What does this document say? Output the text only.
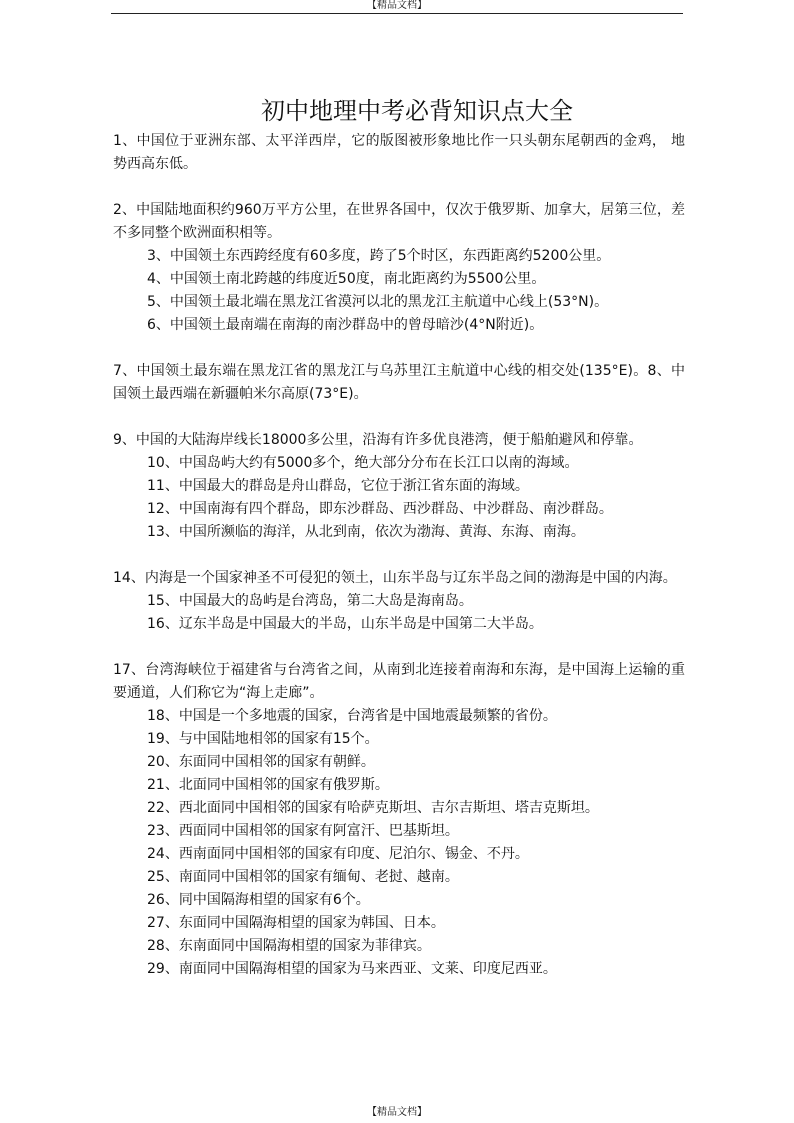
【精品文档】
初中地理中考必背知识点大全

1、中国位于亚洲东部、太平洋西岸，它的版图被形象地比作一只头朝东尾朝西的金鸡， 地势西高东低。

2、中国陆地面积约960万平方公里，在世界各国中，仅次于俄罗斯、加拿大，居第三位，差不多同整个欧洲面积相等。

3、中国领土东西跨经度有60多度，跨了5个时区，东西距离约5200公里。

4、中国领土南北跨越的纬度近50度，南北距离约为5500公里。

5、中国领土最北端在黑龙江省漠河以北的黑龙江主航道中心线上(53°N)。

6、中国领土最南端在南海的南沙群岛中的曾母暗沙(4°N附近)。

7、中国领土最东端在黑龙江省的黑龙江与乌苏里江主航道中心线的相交处(135°E)。8、中国领土最西端在新疆帕米尔高原(73°E)。

9、中国的大陆海岸线长18000多公里，沿海有许多优良港湾，便于船舶避风和停靠。

10、中国岛屿大约有5000多个，绝大部分分布在长江口以南的海域。

11、中国最大的群岛是舟山群岛，它位于浙江省东面的海域。

12、中国南海有四个群岛，即东沙群岛、西沙群岛、中沙群岛、南沙群岛。

13、中国所濒临的海洋，从北到南，依次为渤海、黄海、东海、南海。

14、内海是一个国家神圣不可侵犯的领土，山东半岛与辽东半岛之间的渤海是中国的内海。

15、中国最大的岛屿是台湾岛，第二大岛是海南岛。

16、辽东半岛是中国最大的半岛，山东半岛是中国第二大半岛。

17、台湾海峡位于福建省与台湾省之间，从南到北连接着南海和东海，是中国海上运输的重要通道，人们称它为“海上走廊”。

18、中国是一个多地震的国家，台湾省是中国地震最频繁的省份。

19、与中国陆地相邻的国家有15个。

20、东面同中国相邻的国家有朝鲜。

21、北面同中国相邻的国家有俄罗斯。

22、西北面同中国相邻的国家有哈萨克斯坦、吉尔吉斯坦、塔吉克斯坦。

23、西面同中国相邻的国家有阿富汗、巴基斯坦。

24、西南面同中国相邻的国家有印度、尼泊尔、锡金、不丹。

25、南面同中国相邻的国家有缅甸、老挝、越南。

26、同中国隔海相望的国家有6个。

27、东面同中国隔海相望的国家为韩国、日本。

28、东南面同中国隔海相望的国家为菲律宾。

29、南面同中国隔海相望的国家为马来西亚、文莱、印度尼西亚。

【精品文档】
